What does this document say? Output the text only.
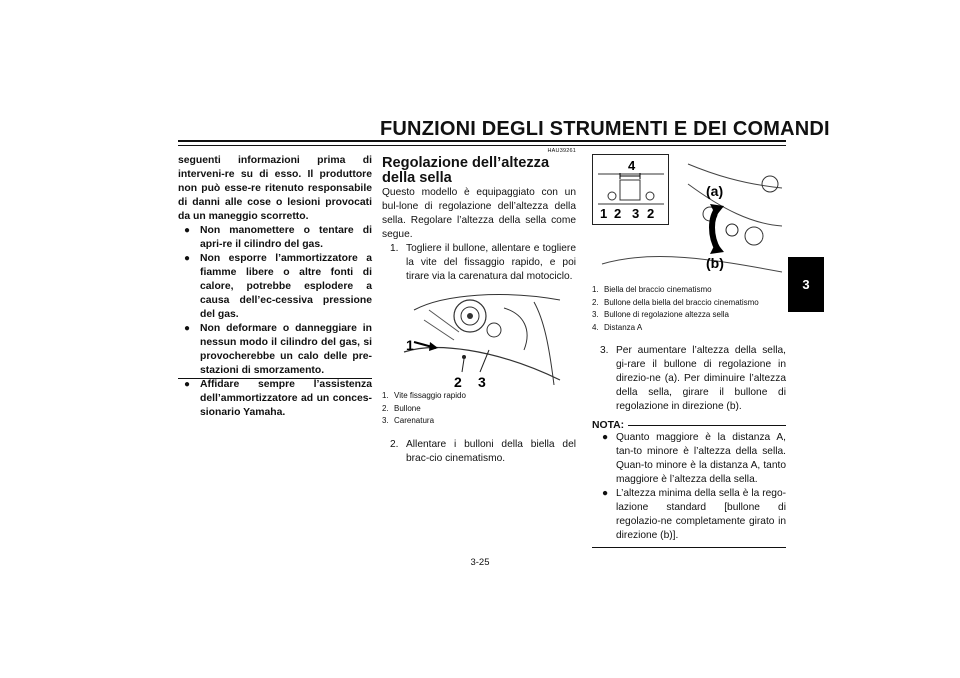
FUNZIONI DEGLI STRUMENTI E DEI COMANDI
3

seguenti informazioni prima di interveni-re su di esso. Il produttore non può esse-re ritenuto responsabile di danni alle cose o lesioni provocati da un maneggio scorretto.

● Non manomettere o tentare di apri-re il cilindro del gas.
● Non esporre l’ammortizzatore a fiamme libere o altre fonti di calore, potrebbe esplodere a causa dell’ec-cessiva pressione del gas.
● Non deformare o danneggiare in nessun modo il cilindro del gas, si provocherebbe un calo delle pre-stazioni di smorzamento.
● Affidare sempre l’assistenza dell’ammortizzatore ad un conces-sionario Yamaha.
HAU39261
Regolazione dell’altezza della sella
Questo modello è equipaggiato con un bul-lone di regolazione dell’altezza della sella. Regolare l’altezza della sella come segue.
1. Togliere il bullone, allentare e togliere la vite del fissaggio rapido, e poi tirare via la carenatura dal motociclo.
1
2 3
1. Vite fissaggio rapido
2. Bullone
3. Carenatura
2. Allentare i bulloni della biella del brac-cio cinematismo.
4
1 2 3 2
(a)
(b)
1. Biella del braccio cinematismo
2. Bullone della biella del braccio cinematismo
3. Bullone di regolazione altezza sella
4. Distanza A
3. Per aumentare l’altezza della sella, gi-rare il bullone di regolazione in direzio-ne (a). Per diminuire l’altezza della sella, girare il bullone di regolazione in direzione (b).
NOTA:
● Quanto maggiore è la distanza A, tan-to minore è l’altezza della sella. Quan-to minore è la distanza A, tanto maggiore è l’altezza della sella.
● L’altezza minima della sella è la rego-lazione standard [bullone di regolazio-ne completamente girato in direzione (b)].
3-25
